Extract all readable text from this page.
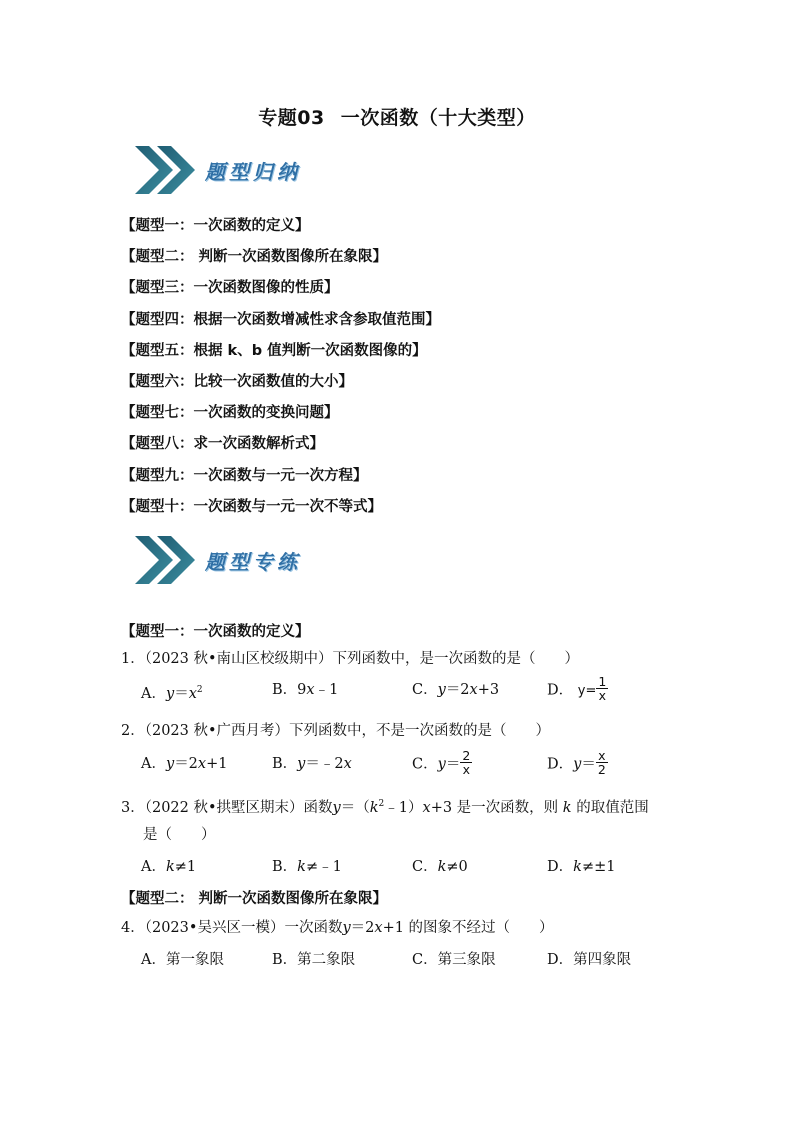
专题03 一次函数（十大类型）
题型归纳
【题型一：一次函数的定义】
【题型二： 判断一次函数图像所在象限】
【题型三：一次函数图像的性质】
【题型四：根据一次函数增减性求含参取值范围】
【题型五：根据 k、b 值判断一次函数图像的】
【题型六：比较一次函数值的大小】
【题型七：一次函数的变换问题】
【题型八：求一次函数解析式】
【题型九：一次函数与一元一次方程】
【题型十：一次函数与一元一次不等式】
题型专练
【题型一：一次函数的定义】
1．（2023 秋•南山区校级期中）下列函数中，是一次函数的是（　　）
A．$y=x^2$	B．9x﹣1	C．y＝2x+3	D． $y= \frac{1}{x}$
2．（2023 秋•广西月考）下列函数中，不是一次函数的是（　　）
A．y＝2x+1	B．y＝﹣2x	C．$y= \frac{2}{x}$	D．$y= \frac{x}{2}$
3．（2022 秋•拱墅区期末）函数$y=(k^2﹣1)x+3$ 是一次函数，则 k 的取值范围
是（　　）
A．k≠1	B．k≠﹣1	C．k≠0	D．k≠±1
【题型二： 判断一次函数图像所在象限】
4．（2023•吴兴区一模）一次函数y＝2x+1 的图象不经过（　　）
A．第一象限	B．第二象限	C．第三象限	D．第四象限
